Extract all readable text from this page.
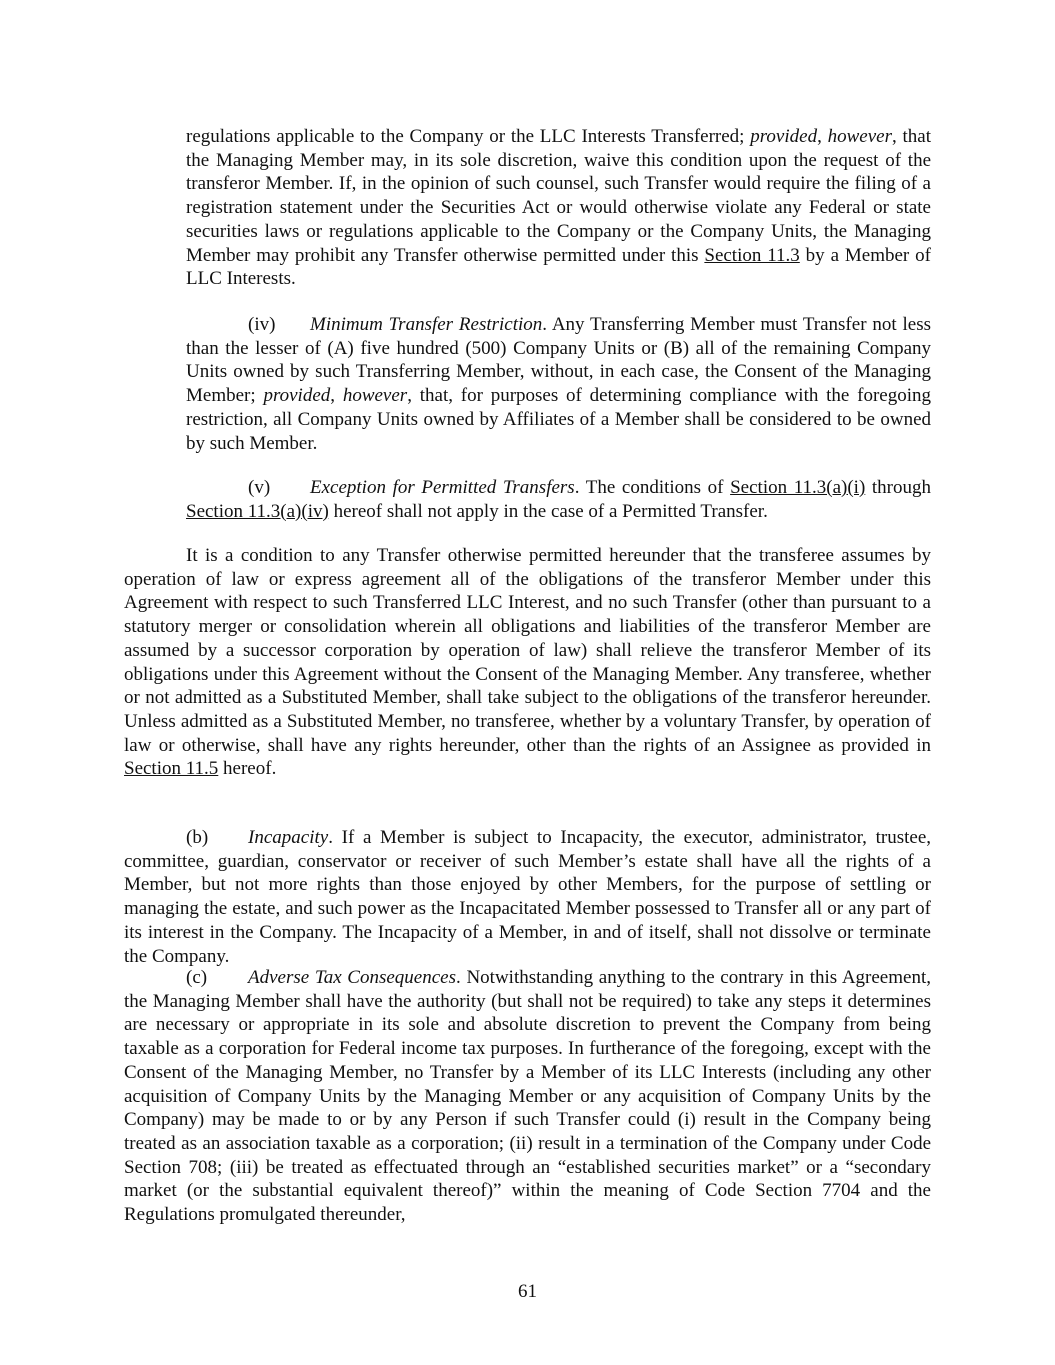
regulations applicable to the Company or the LLC Interests Transferred; provided, however, that the Managing Member may, in its sole discretion, waive this condition upon the request of the transferor Member. If, in the opinion of such counsel, such Transfer would require the filing of a registration statement under the Securities Act or would otherwise violate any Federal or state securities laws or regulations applicable to the Company or the Company Units, the Managing Member may prohibit any Transfer otherwise permitted under this Section 11.3 by a Member of LLC Interests.

(iv) Minimum Transfer Restriction. Any Transferring Member must Transfer not less than the lesser of (A) five hundred (500) Company Units or (B) all of the remaining Company Units owned by such Transferring Member, without, in each case, the Consent of the Managing Member; provided, however, that, for purposes of determining compliance with the foregoing restriction, all Company Units owned by Affiliates of a Member shall be considered to be owned by such Member.

(v) Exception for Permitted Transfers. The conditions of Section 11.3(a)(i) through Section 11.3(a)(iv) hereof shall not apply in the case of a Permitted Transfer.

It is a condition to any Transfer otherwise permitted hereunder that the transferee assumes by operation of law or express agreement all of the obligations of the transferor Member under this Agreement with respect to such Transferred LLC Interest, and no such Transfer (other than pursuant to a statutory merger or consolidation wherein all obligations and liabilities of the transferor Member are assumed by a successor corporation by operation of law) shall relieve the transferor Member of its obligations under this Agreement without the Consent of the Managing Member. Any transferee, whether or not admitted as a Substituted Member, shall take subject to the obligations of the transferor hereunder. Unless admitted as a Substituted Member, no transferee, whether by a voluntary Transfer, by operation of law or otherwise, shall have any rights hereunder, other than the rights of an Assignee as provided in Section 11.5 hereof.

(b) Incapacity. If a Member is subject to Incapacity, the executor, administrator, trustee, committee, guardian, conservator or receiver of such Member’s estate shall have all the rights of a Member, but not more rights than those enjoyed by other Members, for the purpose of settling or managing the estate, and such power as the Incapacitated Member possessed to Transfer all or any part of its interest in the Company. The Incapacity of a Member, in and of itself, shall not dissolve or terminate the Company.

(c) Adverse Tax Consequences. Notwithstanding anything to the contrary in this Agreement, the Managing Member shall have the authority (but shall not be required) to take any steps it determines are necessary or appropriate in its sole and absolute discretion to prevent the Company from being taxable as a corporation for Federal income tax purposes. In furtherance of the foregoing, except with the Consent of the Managing Member, no Transfer by a Member of its LLC Interests (including any other acquisition of Company Units by the Managing Member or any acquisition of Company Units by the Company) may be made to or by any Person if such Transfer could (i) result in the Company being treated as an association taxable as a corporation; (ii) result in a termination of the Company under Code Section 708; (iii) be treated as effectuated through an “established securities market” or a “secondary market (or the substantial equivalent thereof)” within the meaning of Code Section 7704 and the Regulations promulgated thereunder,

61
